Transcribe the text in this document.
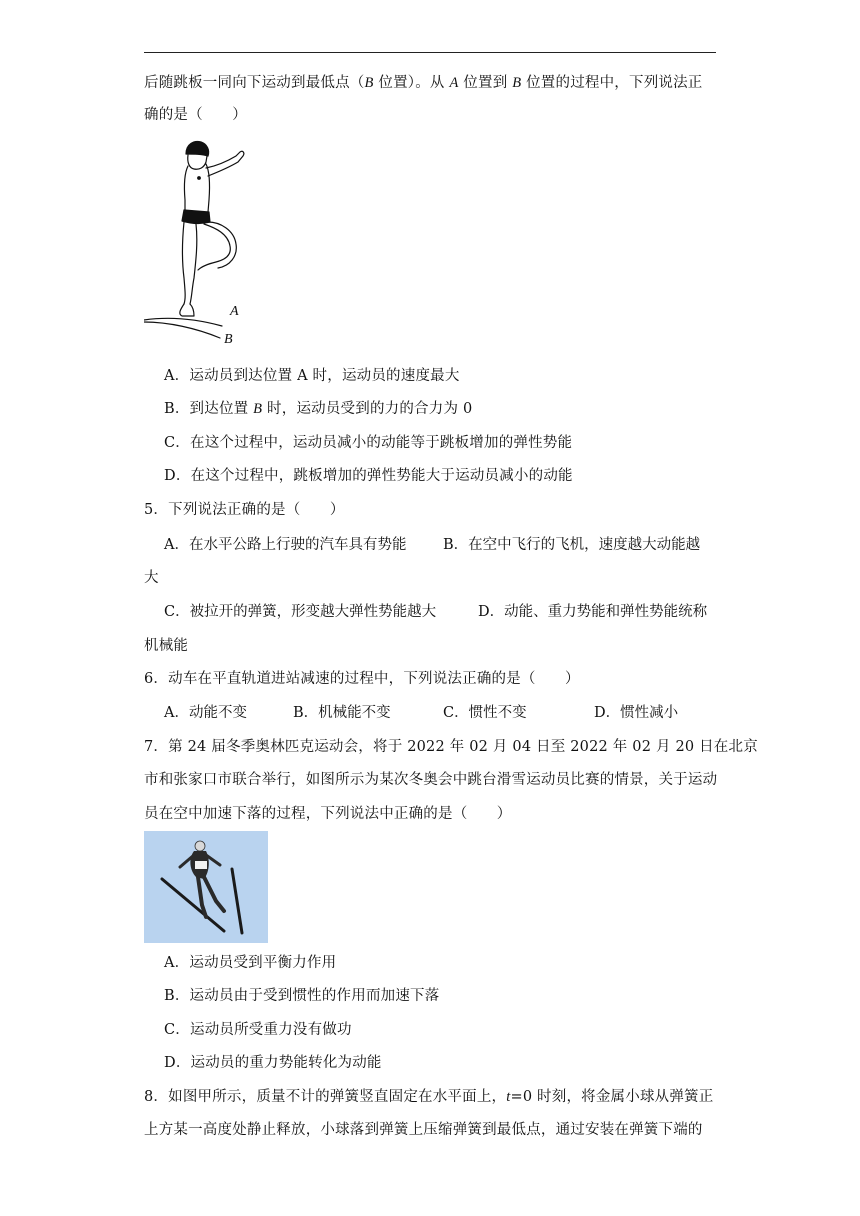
后随跳板一同向下运动到最低点（B 位置）。从 A 位置到 B 位置的过程中，下列说法正
确的是（　　）
A
B
A．运动员到达位置 A 时，运动员的速度最大
B．到达位置 B 时，运动员受到的力的合力为 0
C．在这个过程中，运动员减小的动能等于跳板增加的弹性势能
D．在这个过程中，跳板增加的弹性势能大于运动员减小的动能
5．下列说法正确的是（　　）
A．在水平公路上行驶的汽车具有势能	B．在空中飞行的飞机，速度越大动能越
大
C．被拉开的弹簧，形变越大弹性势能越大	D．动能、重力势能和弹性势能统称
机械能
6．动车在平直轨道进站减速的过程中，下列说法正确的是（　　）
A．动能不变	B．机械能不变	C．惯性不变	D．惯性减小
7．第 24 届冬季奥林匹克运动会，将于 2022 年 02 月 04 日至 2022 年 02 月 20 日在北京
市和张家口市联合举行，如图所示为某次冬奥会中跳台滑雪运动员比赛的情景，关于运动
员在空中加速下落的过程，下列说法中正确的是（　　）
A．运动员受到平衡力作用
B．运动员由于受到惯性的作用而加速下落
C．运动员所受重力没有做功
D．运动员的重力势能转化为动能
8．如图甲所示，质量不计的弹簧竖直固定在水平面上，t=0 时刻，将金属小球从弹簧正
上方某一高度处静止释放，小球落到弹簧上压缩弹簧到最低点，通过安装在弹簧下端的
